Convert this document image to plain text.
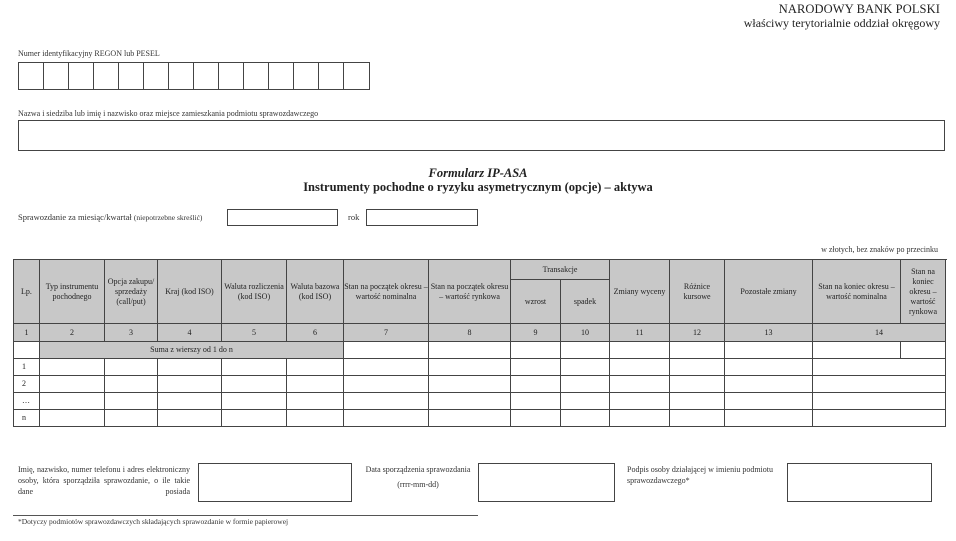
NARODOWY BANK POLSKI
właściwy terytorialnie oddział okręgowy
Numer identyfikacyjny REGON lub PESEL
Nazwa i siedziba lub imię i nazwisko oraz miejsce zamieszkania podmiotu sprawozdawczego
Formularz IP-ASA
Instrumenty pochodne o ryzyku asymetrycznym (opcje) – aktywa
Sprawozdanie za miesiąc/kwartał (niepotrzebne skreślić)	rok
w złotych, bez znaków po przecinku
Lp.	Typ instrumentu pochodnego	Opcja zakupu/ sprzedaży (call/put)	Kraj (kod ISO)	Waluta rozliczenia (kod ISO)	Waluta bazowa (kod ISO)	Stan na początek okresu – wartość nominalna	Stan na początek okresu – wartość rynkowa	Transakcje		Zmiany wyceny	Różnice kursowe	Pozostałe zmiany	Stan na koniec okresu – wartość nominalna	Stan na koniec okresu – wartość rynkowa
								wzrost	spadek					
1	2	3	4	5	6	7	8	9	10	11	12	13	14	
	Suma z wierszy od 1 do n													
1														
2														
…														
n														
Imię, nazwisko, numer telefonu i adres elektroniczny osoby, która sporządziła sprawozdanie, o ile takie dane posiada
Data sporządzenia sprawozdania
(rrrr-mm-dd)
Podpis osoby działającej w imieniu podmiotu sprawozdawczego*
*Dotyczy podmiotów sprawozdawczych składających sprawozdanie w formie papierowej
